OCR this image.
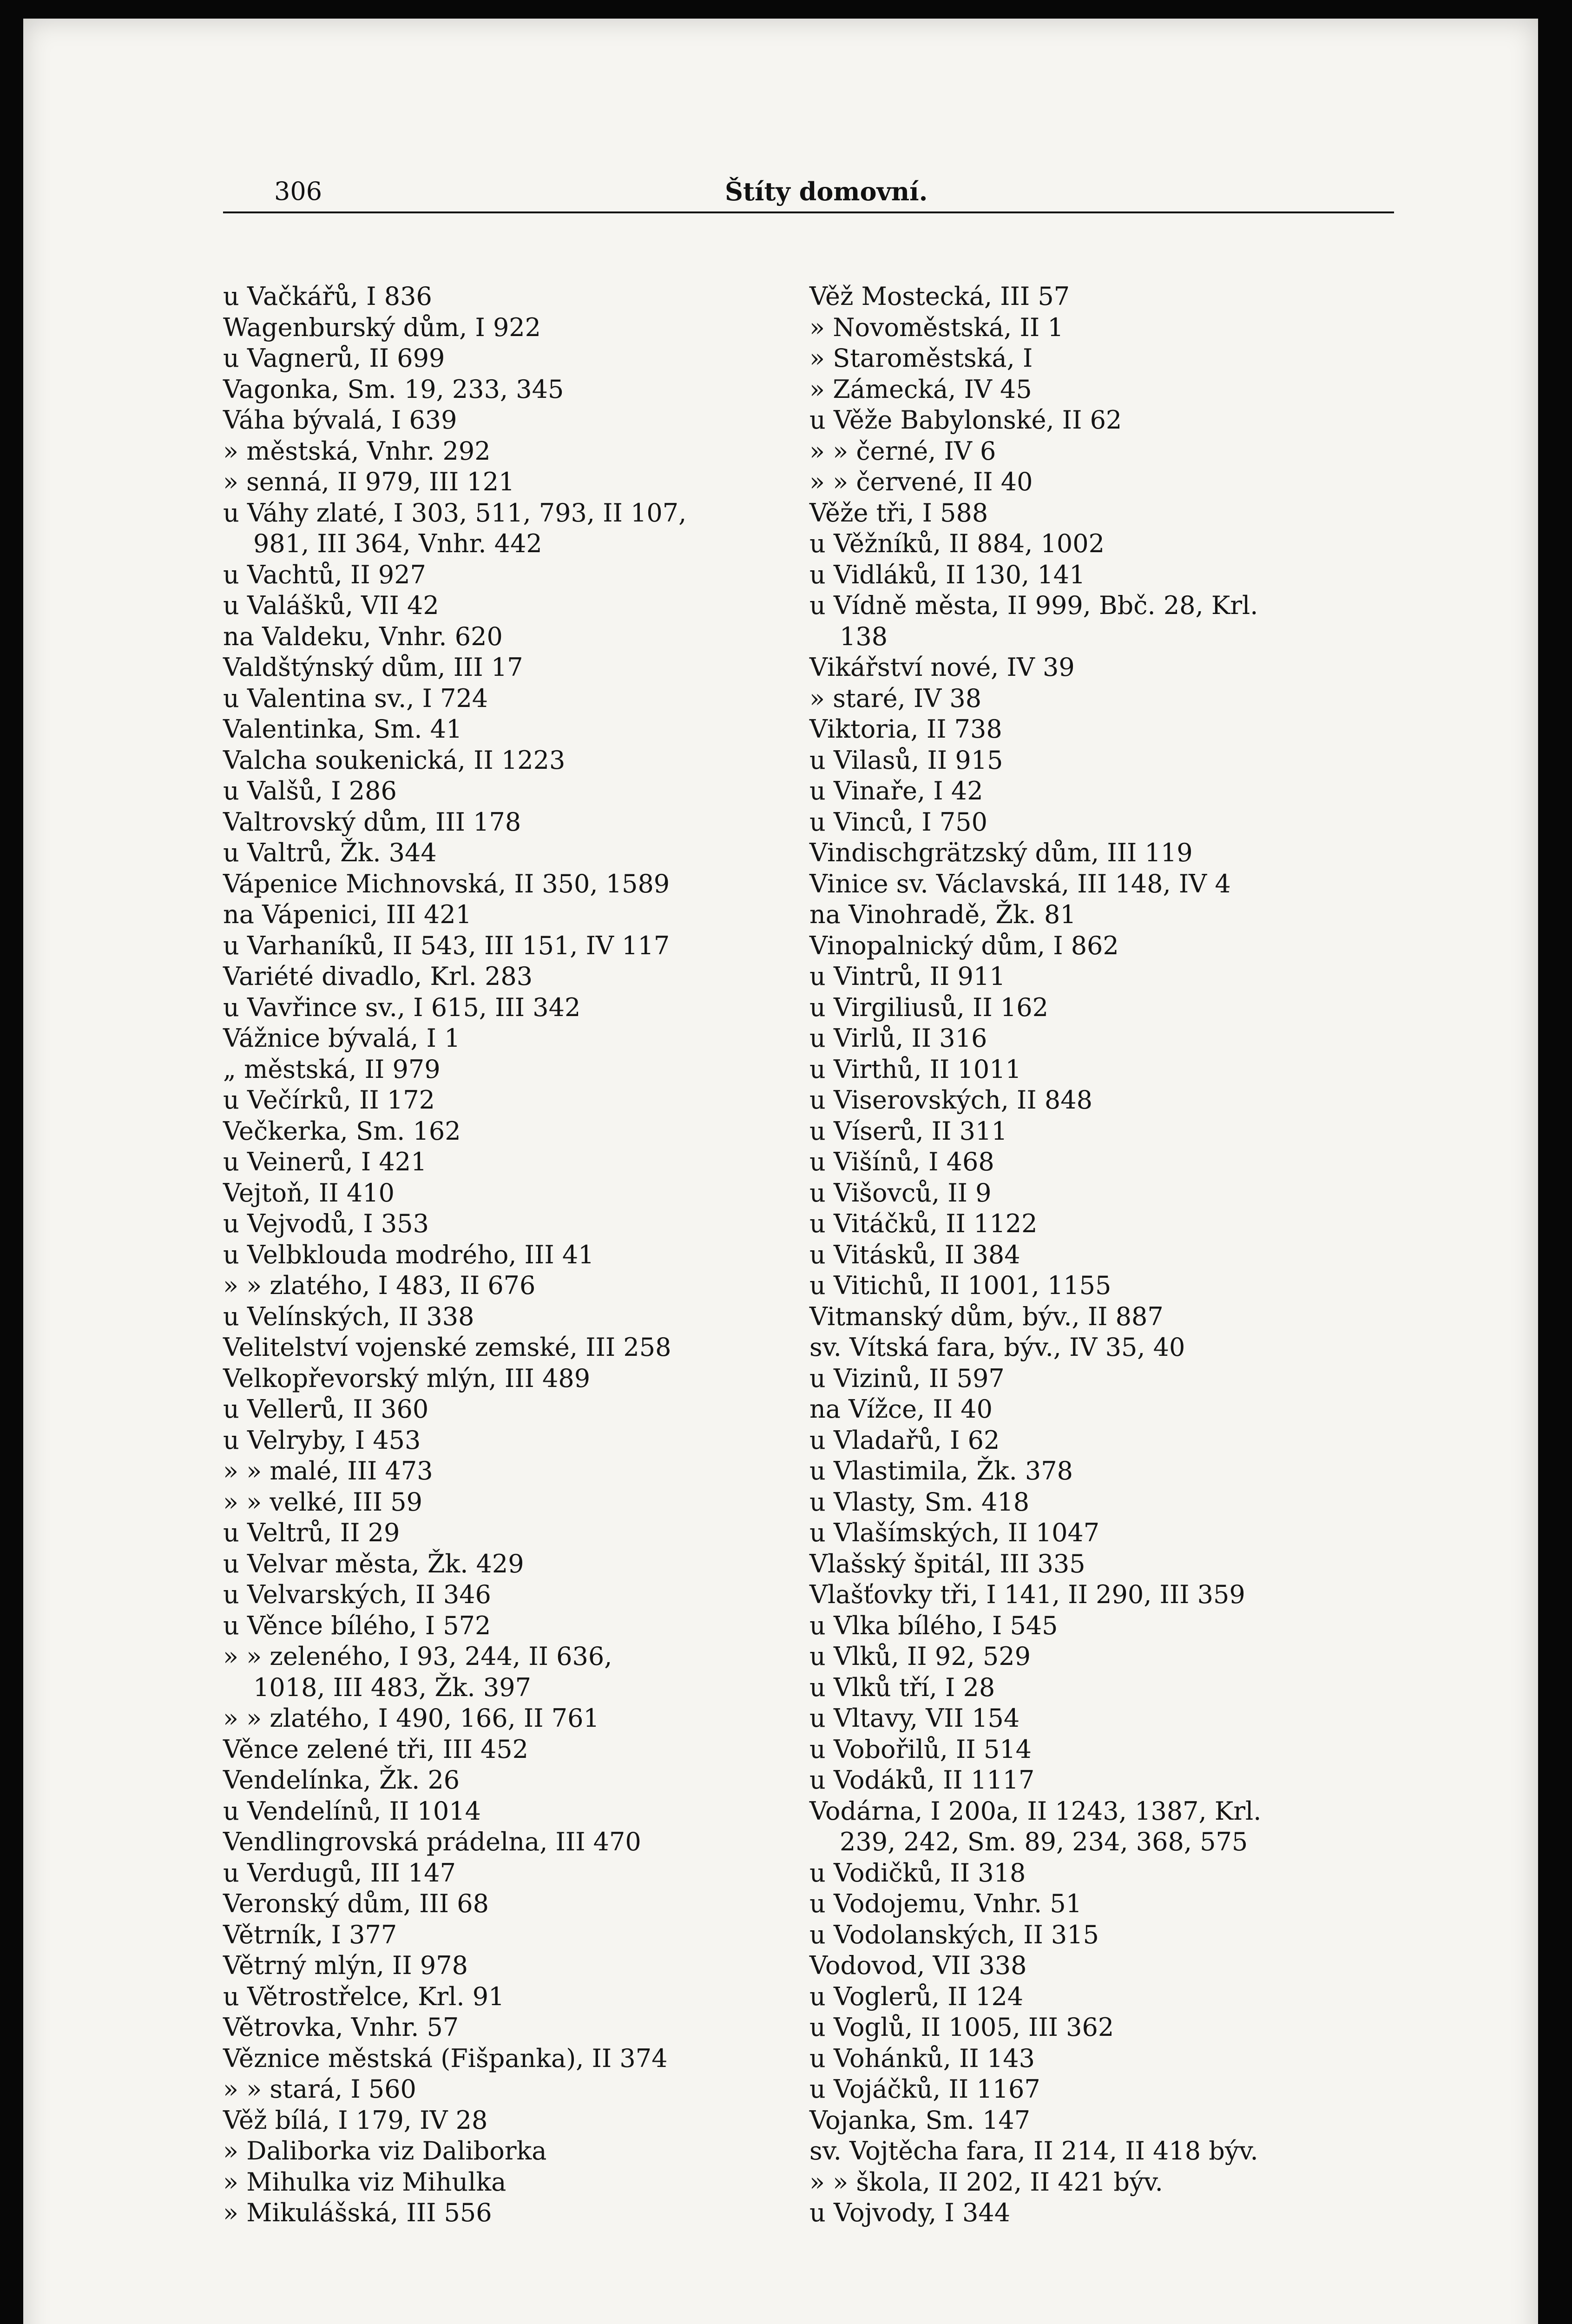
306	Štíty domovní.
u Vačkářů, I 836
Wagenburský dům, I 922
u Vagnerů, II 699
Vagonka, Sm. 19, 233, 345
Váha bývalá, I 639
» městská, Vnhr. 292
» senná, II 979, III 121
u Váhy zlaté, I 303, 511, 793, II 107,
981, III 364, Vnhr. 442
u Vachtů, II 927
u Valášků, VII 42
na Valdeku, Vnhr. 620
Valdštýnský dům, III 17
u Valentina sv., I 724
Valentinka, Sm. 41
Valcha soukenická, II 1223
u Valšů, I 286
Valtrovský dům, III 178
u Valtrů, Žk. 344
Vápenice Michnovská, II 350, 1589
na Vápenici, III 421
u Varhaníků, II 543, III 151, IV 117
Variété divadlo, Krl. 283
u Vavřince sv., I 615, III 342
Vážnice bývalá, I 1
„ městská, II 979
u Večírků, II 172
Večkerka, Sm. 162
u Veinerů, I 421
Vejtoň, II 410
u Vejvodů, I 353
u Velbklouda modrého, III 41
» » zlatého, I 483, II 676
u Velínských, II 338
Velitelství vojenské zemské, III 258
Velkopřevorský mlýn, III 489
u Vellerů, II 360
u Velryby, I 453
» » malé, III 473
» » velké, III 59
u Veltrů, II 29
u Velvar města, Žk. 429
u Velvarských, II 346
u Věnce bílého, I 572
» » zeleného, I 93, 244, II 636,
1018, III 483, Žk. 397
» » zlatého, I 490, 166, II 761
Věnce zelené tři, III 452
Vendelínka, Žk. 26
u Vendelínů, II 1014
Vendlingrovská prádelna, III 470
u Verdugů, III 147
Veronský dům, III 68
Větrník, I 377
Větrný mlýn, II 978
u Větrostřelce, Krl. 91
Větrovka, Vnhr. 57
Věznice městská (Fišpanka), II 374
» » stará, I 560
Věž bílá, I 179, IV 28
» Daliborka viz Daliborka
» Mihulka viz Mihulka
» Mikulášská, III 556
Věž Mostecká, III 57
» Novoměstská, II 1
» Staroměstská, I
» Zámecká, IV 45
u Věže Babylonské, II 62
» » černé, IV 6
» » červené, II 40
Věže tři, I 588
u Věžníků, II 884, 1002
u Vidláků, II 130, 141
u Vídně města, II 999, Bbč. 28, Krl.
138
Vikářství nové, IV 39
» staré, IV 38
Viktoria, II 738
u Vilasů, II 915
u Vinaře, I 42
u Vinců, I 750
Vindischgrätzský dům, III 119
Vinice sv. Václavská, III 148, IV 4
na Vinohradě, Žk. 81
Vinopalnický dům, I 862
u Vintrů, II 911
u Virgiliusů, II 162
u Virlů, II 316
u Virthů, II 1011
u Viserovských, II 848
u Víserů, II 311
u Višínů, I 468
u Višovců, II 9
u Vitáčků, II 1122
u Vitásků, II 384
u Vitichů, II 1001, 1155
Vitmanský dům, býv., II 887
sv. Vítská fara, býv., IV 35, 40
u Vizinů, II 597
na Vížce, II 40
u Vladařů, I 62
u Vlastimila, Žk. 378
u Vlasty, Sm. 418
u Vlašímských, II 1047
Vlašský špitál, III 335
Vlašťovky tři, I 141, II 290, III 359
u Vlka bílého, I 545
u Vlků, II 92, 529
u Vlků tří, I 28
u Vltavy, VII 154
u Vobořilů, II 514
u Vodáků, II 1117
Vodárna, I 200a, II 1243, 1387, Krl.
239, 242, Sm. 89, 234, 368, 575
u Vodičků, II 318
u Vodojemu, Vnhr. 51
u Vodolanských, II 315
Vodovod, VII 338
u Voglerů, II 124
u Voglů, II 1005, III 362
u Vohánků, II 143
u Vojáčků, II 1167
Vojanka, Sm. 147
sv. Vojtěcha fara, II 214, II 418 býv.
» » škola, II 202, II 421 býv.
u Vojvody, I 344
